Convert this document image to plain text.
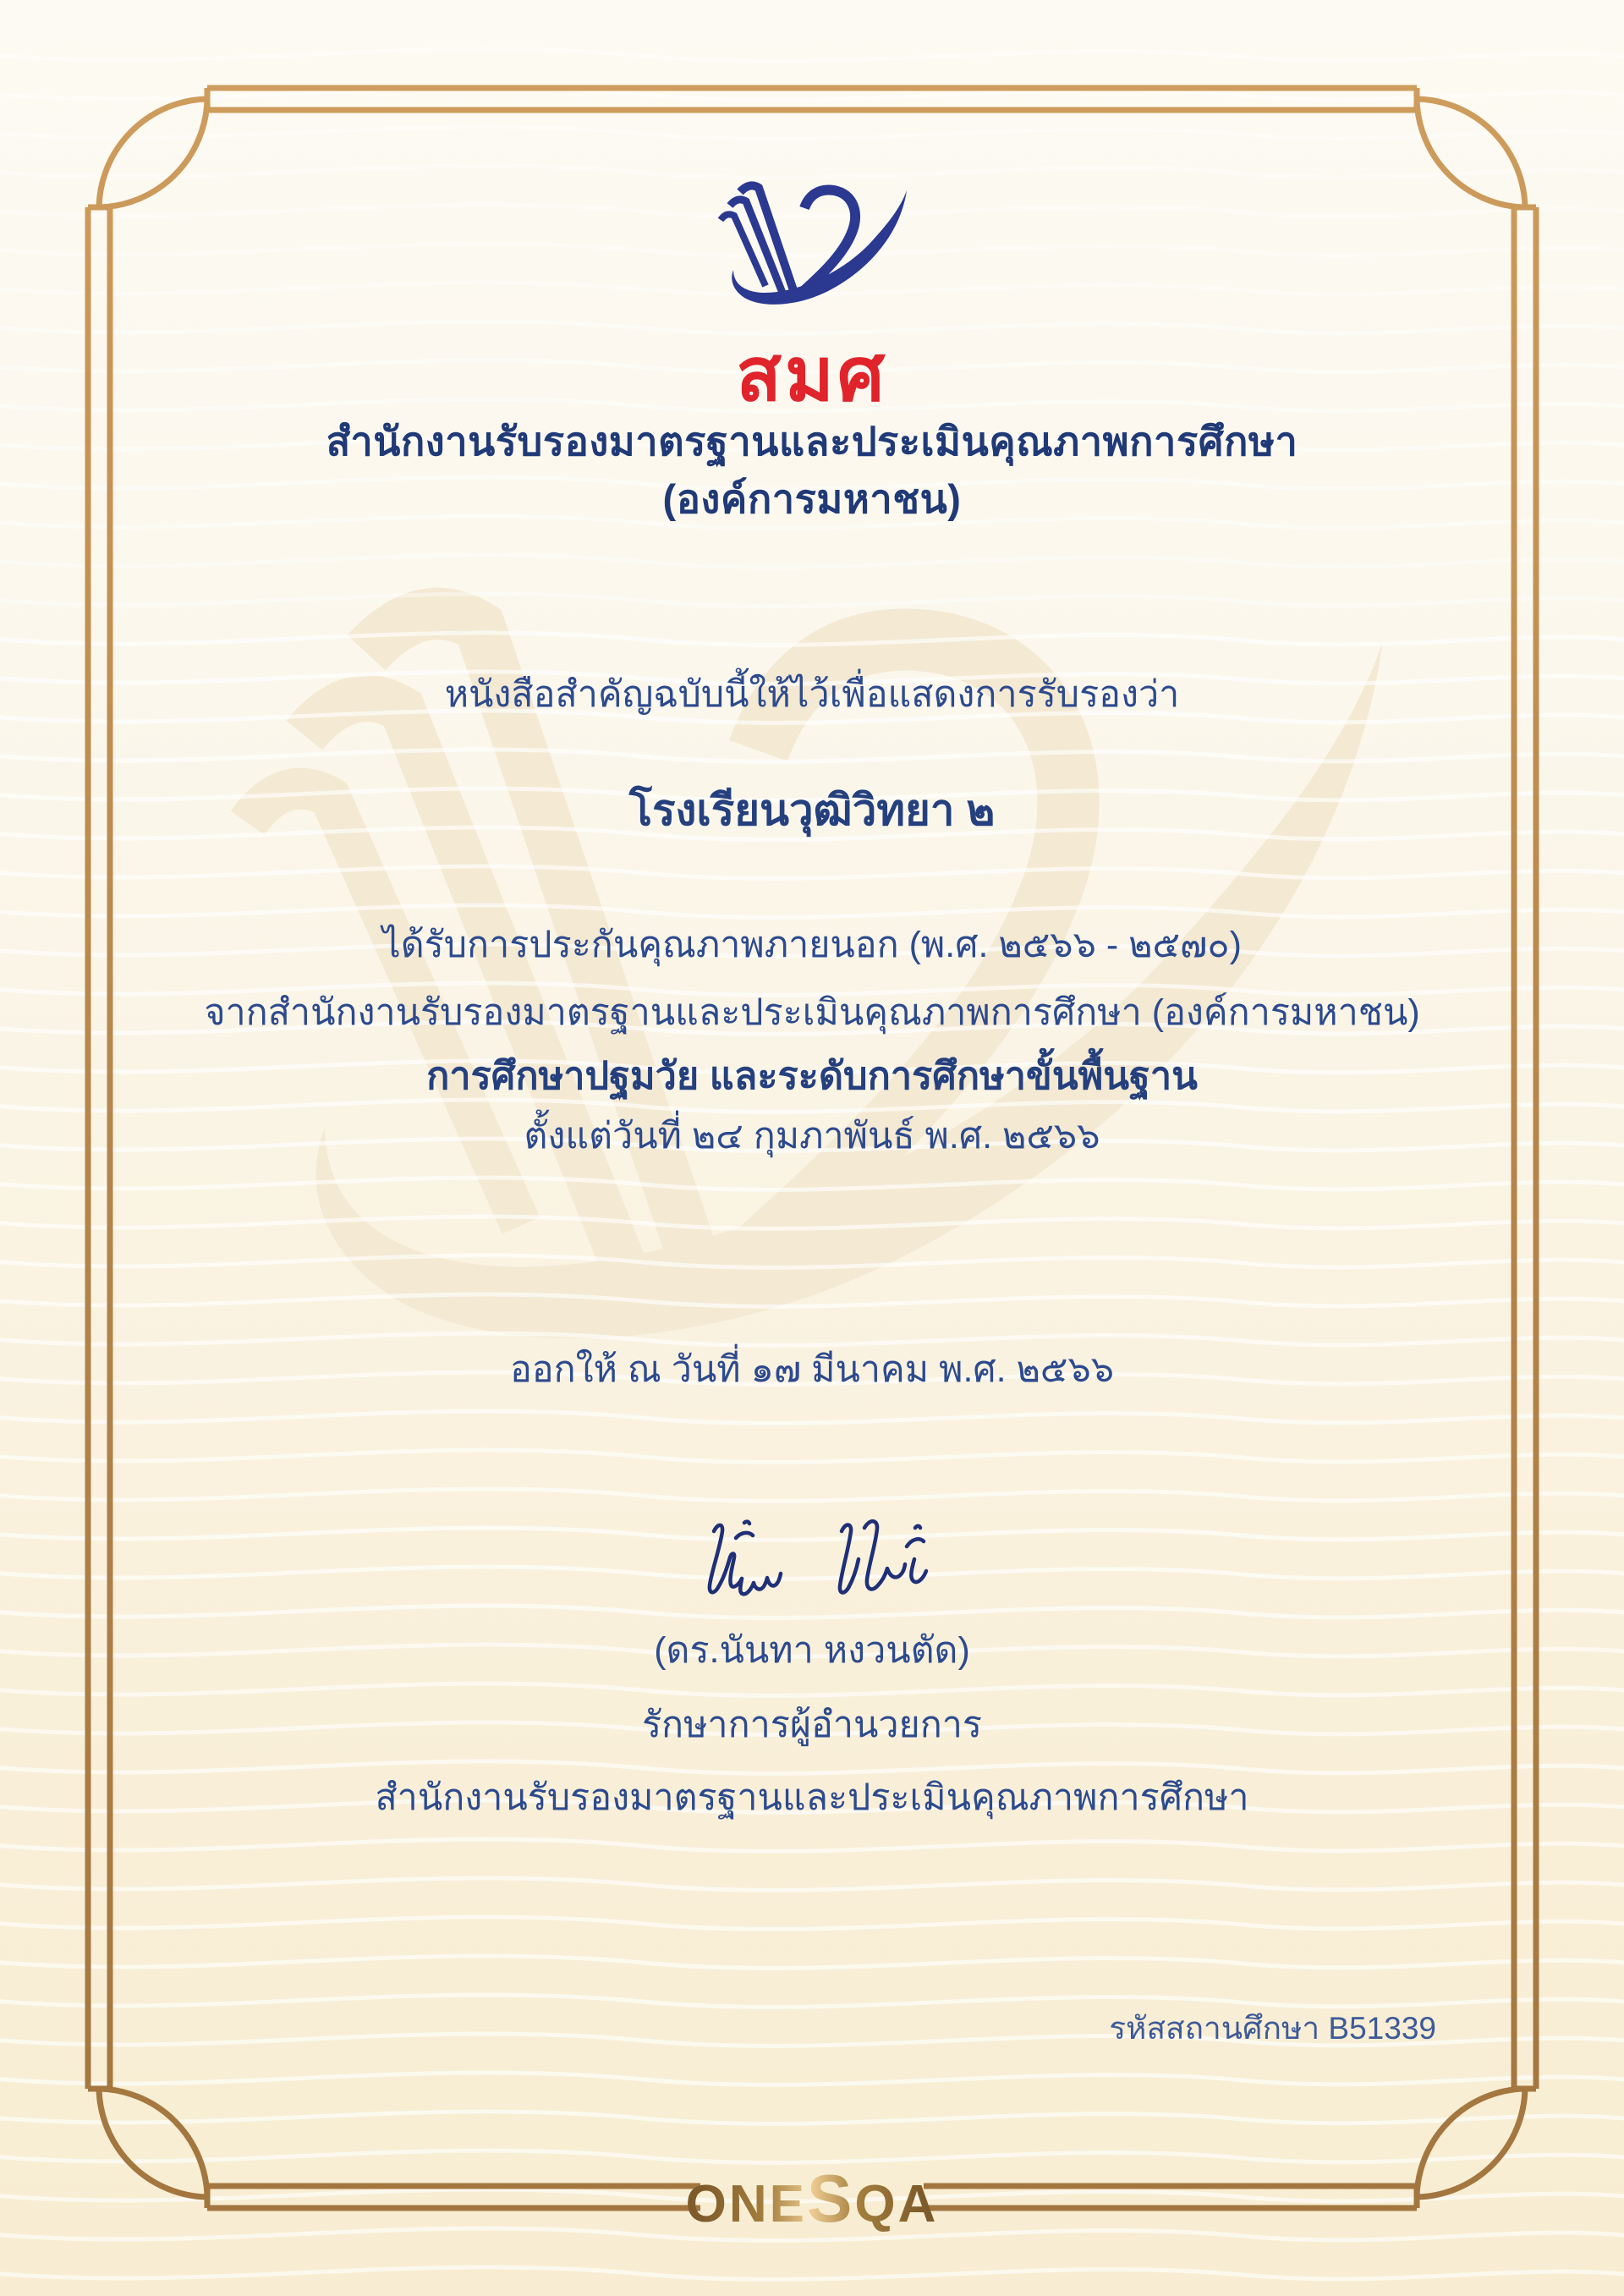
สมศ
สำนักงานรับรองมาตรฐานและประเมินคุณภาพการศึกษา
(องค์การมหาชน)
หนังสือสำคัญฉบับนี้ให้ไว้เพื่อแสดงการรับรองว่า
โรงเรียนวุฒิวิทยา ๒
ได้รับการประกันคุณภาพภายนอก (พ.ศ. ๒๕๖๖ - ๒๕๗๐)
จากสำนักงานรับรองมาตรฐานและประเมินคุณภาพการศึกษา (องค์การมหาชน)
การศึกษาปฐมวัย และระดับการศึกษาขั้นพื้นฐาน
ตั้งแต่วันที่ ๒๔ กุมภาพันธ์ พ.ศ. ๒๕๖๖
ออกให้ ณ วันที่ ๑๗ มีนาคม พ.ศ. ๒๕๖๖
(ดร.นันทา หงวนตัด)
รักษาการผู้อำนวยการ
สำนักงานรับรองมาตรฐานและประเมินคุณภาพการศึกษา
รหัสสถานศึกษา B51339
ONESQA
